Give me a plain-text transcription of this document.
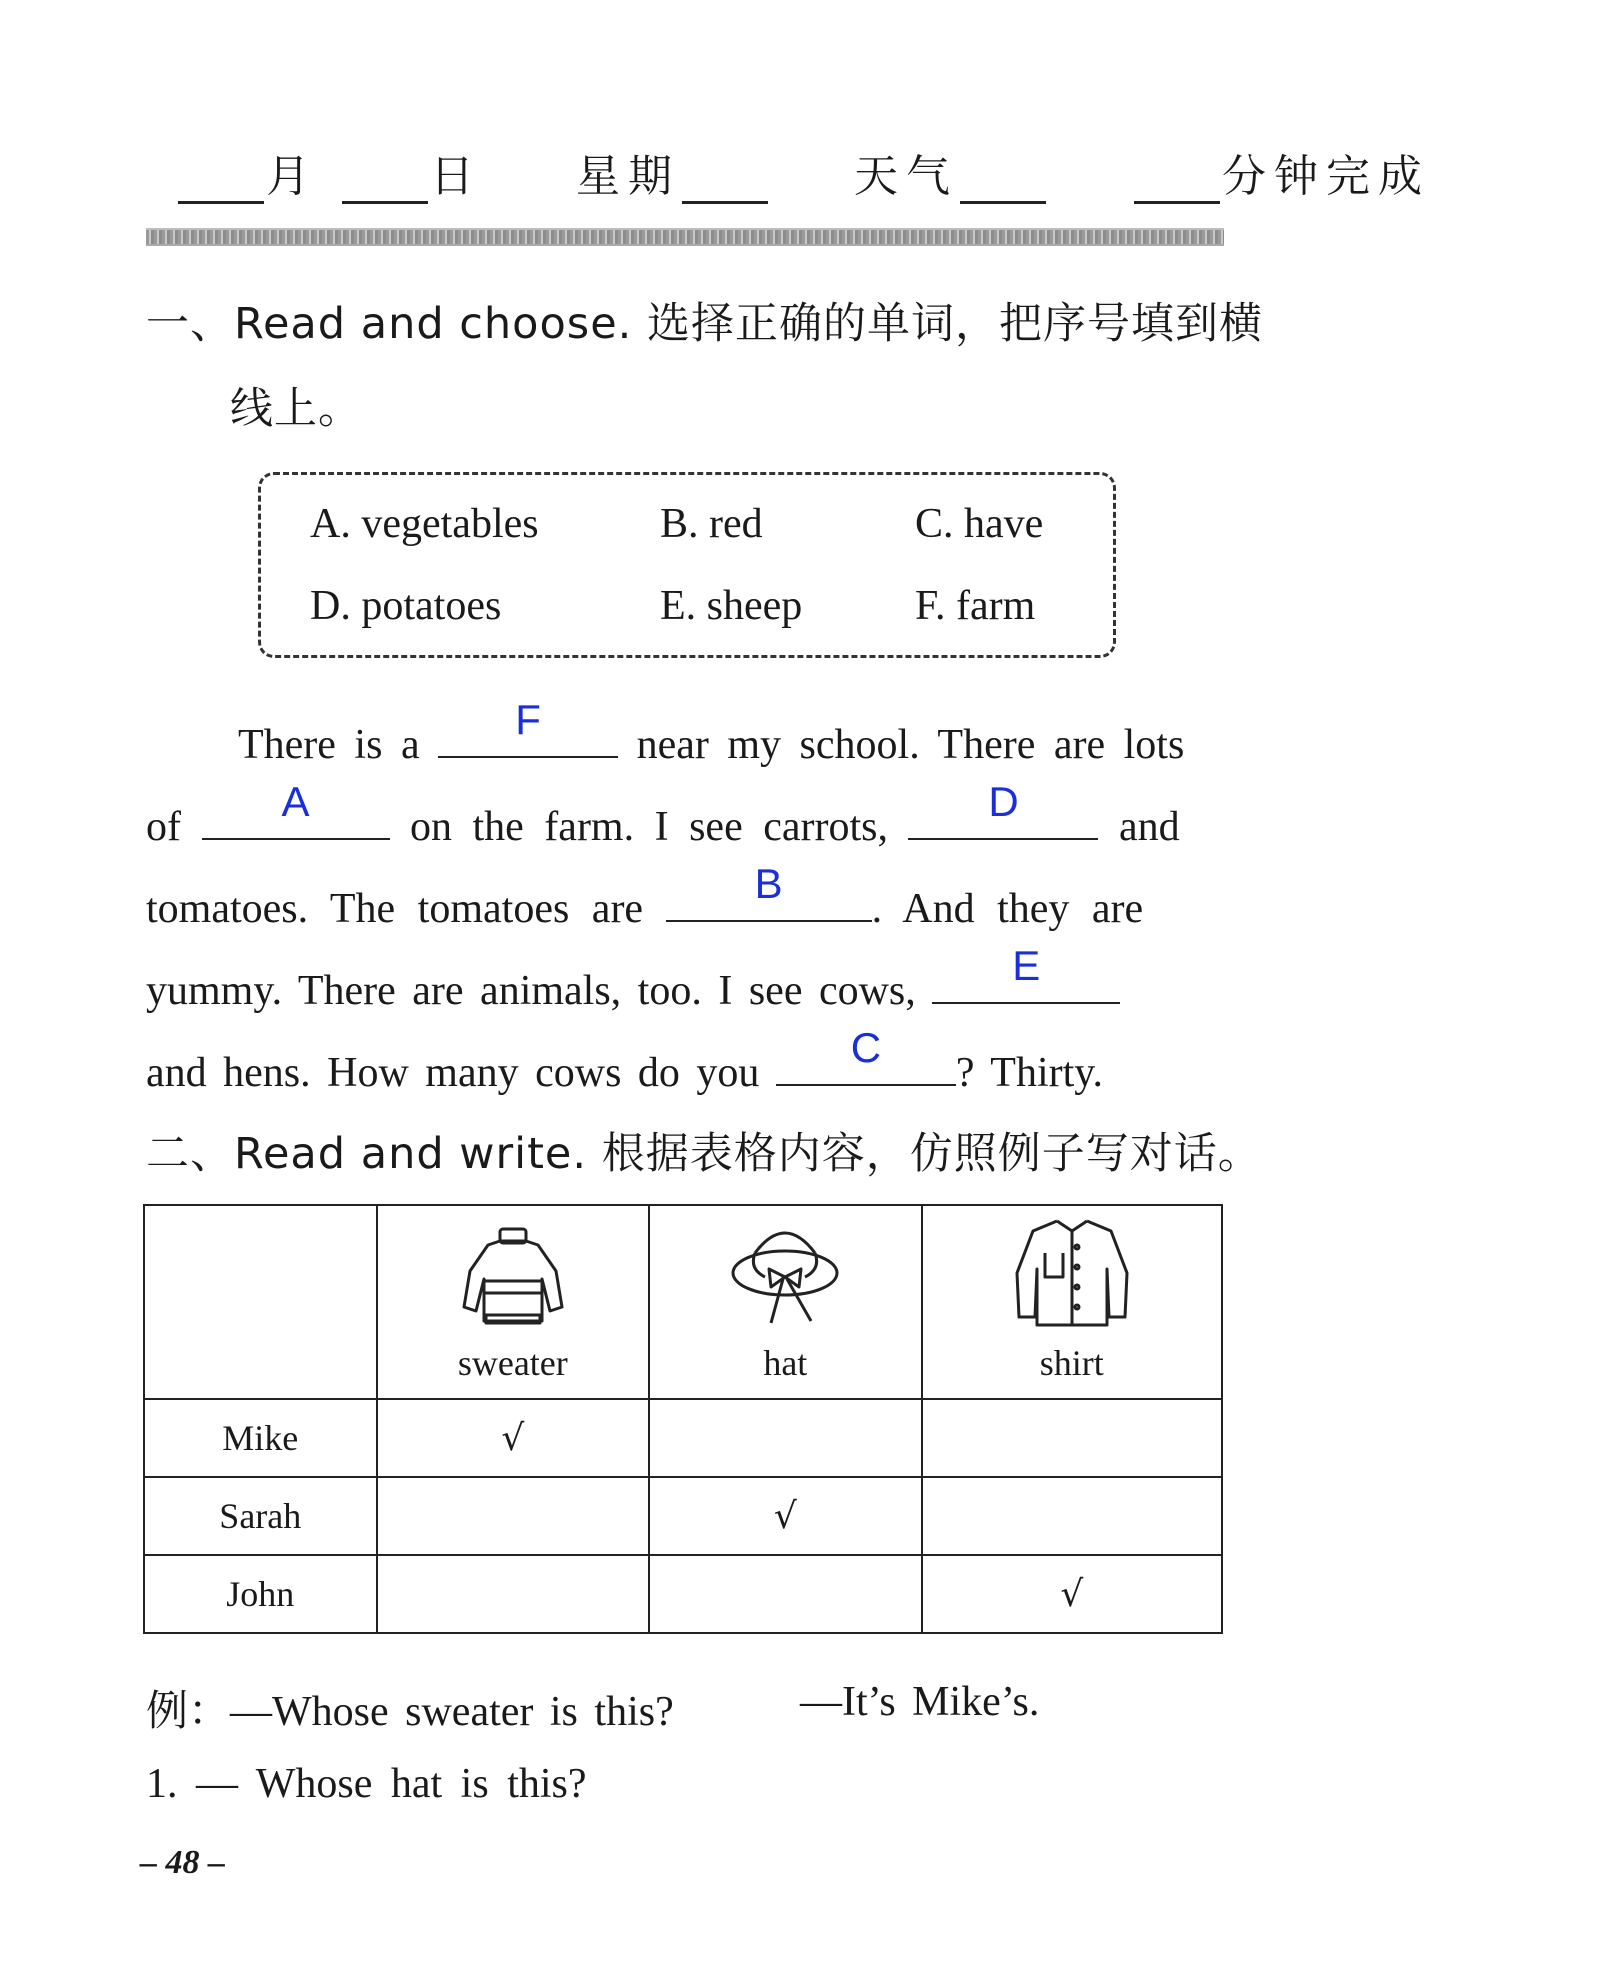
月	日 星期	天气	分钟完成
一、Read and choose. 选择正确的单词，把序号填到横
线上。
A. vegetables	B. red	C. have
D. potatoes	E. sheep	F. farm
There is a
F
near my school. There are lots
of
A
on the farm. I see carrots,
D
and
tomatoes. The tomatoes are
B
. And they are
yummy. There are animals, too. I see cows,
E
and hens. How many cows do you
C
? Thirty.
二、Read and write. 根据表格内容，仿照例子写对话。

	sweater	hat	shirt

Mike	√		
Sarah		√	
John			√
例：—Whose sweater is this?	—It’s Mike’s.
1. — Whose hat is this?
– 48 –
